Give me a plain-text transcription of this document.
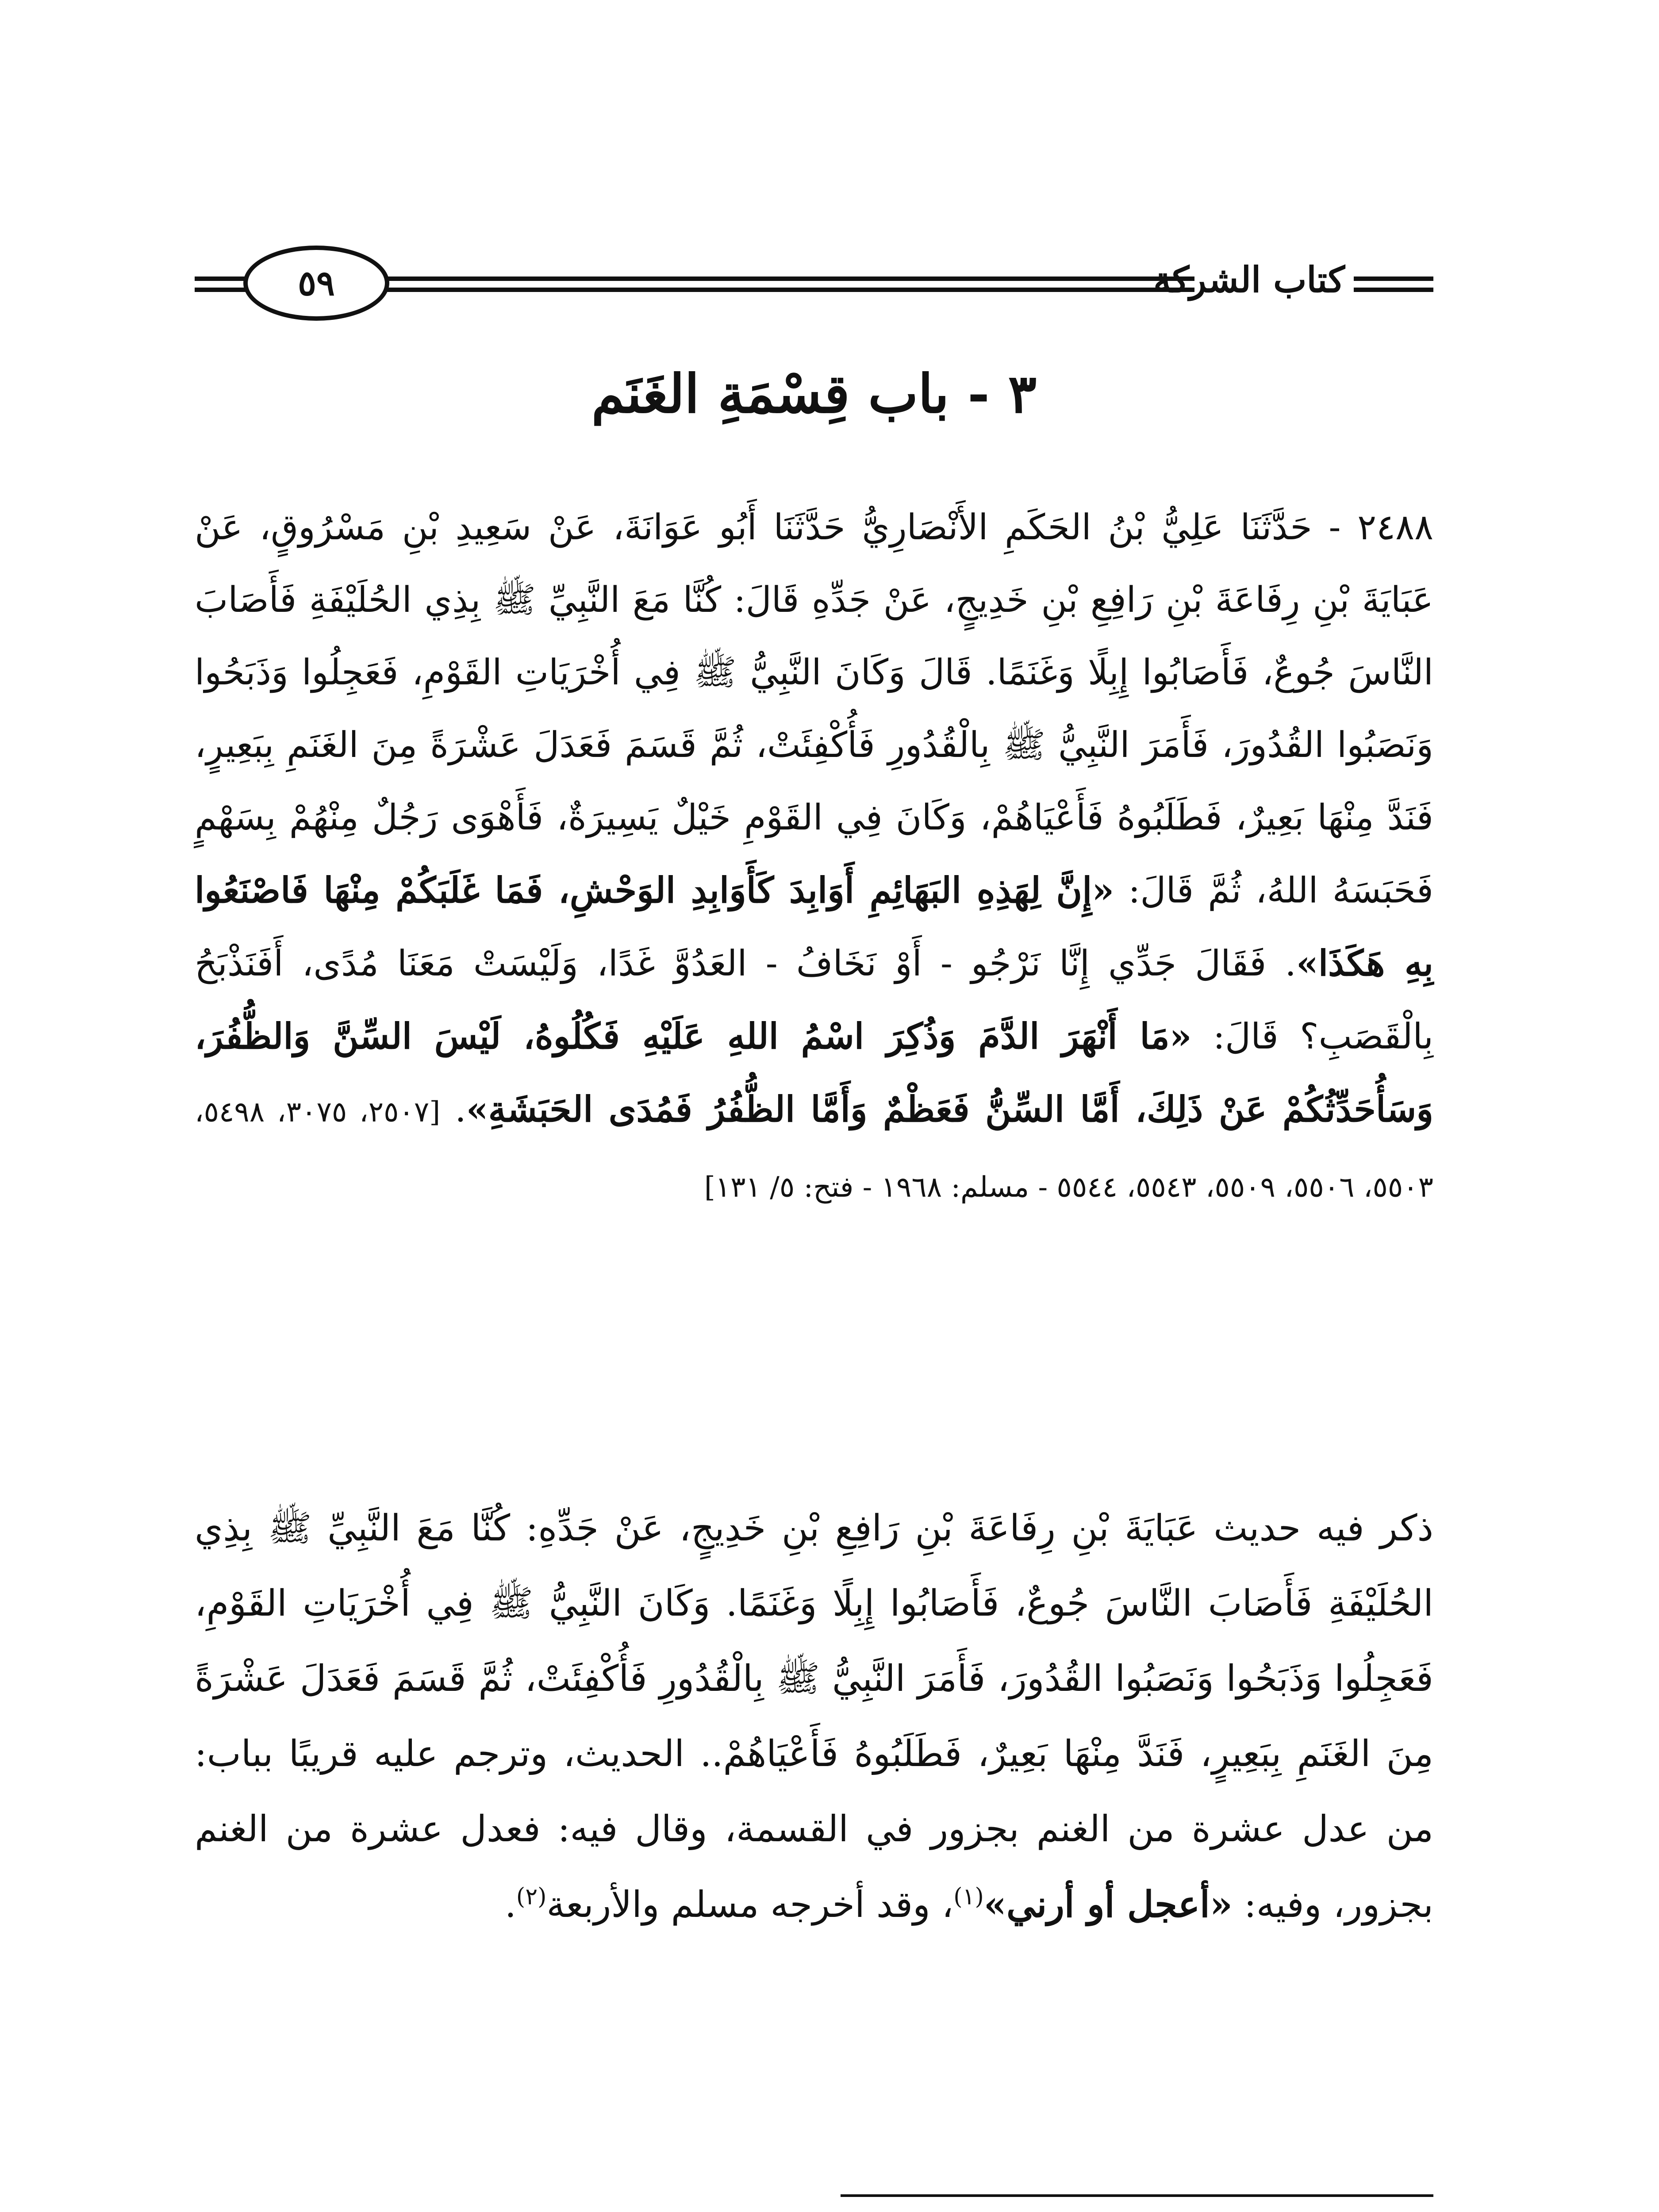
٥٩	كتاب الشركة
٣ - باب قِسْمَةِ الغَنَم
٢٤٨٨ - حَدَّثَنَا عَلِيُّ بْنُ الحَكَمِ الأَنْصَارِيُّ حَدَّثَنَا أَبُو عَوَانَةَ، عَنْ سَعِيدِ بْنِ مَسْرُوقٍ، عَنْ عَبَايَةَ بْنِ رِفَاعَةَ بْنِ رَافِعِ بْنِ خَدِيجٍ، عَنْ جَدِّهِ قَالَ: كُنَّا مَعَ النَّبِيِّ ﷺ بِذِي الحُلَيْفَةِ فَأَصَابَ النَّاسَ جُوعٌ، فَأَصَابُوا إِبِلًا وَغَنَمًا. قَالَ وَكَانَ النَّبِيُّ ﷺ فِي أُخْرَيَاتِ القَوْمِ، فَعَجِلُوا وَذَبَحُوا وَنَصَبُوا القُدُورَ، فَأَمَرَ النَّبِيُّ ﷺ بِالْقُدُورِ فَأُكْفِئَتْ، ثُمَّ قَسَمَ فَعَدَلَ عَشْرَةً مِنَ الغَنَمِ بِبَعِيرٍ، فَنَدَّ مِنْهَا بَعِيرٌ، فَطَلَبُوهُ فَأَعْيَاهُمْ، وَكَانَ فِي القَوْمِ خَيْلٌ يَسِيرَةٌ، فَأَهْوَى رَجُلٌ مِنْهُمْ بِسَهْمٍ فَحَبَسَهُ اللهُ، ثُمَّ قَالَ: «إِنَّ لِهَذِهِ البَهَائِمِ أَوَابِدَ كَأَوَابِدِ الوَحْشِ، فَمَا غَلَبَكُمْ مِنْهَا فَاصْنَعُوا بِهِ هَكَذَا». فَقَالَ جَدِّي إِنَّا نَرْجُو - أَوْ نَخَافُ - العَدُوَّ غَدًا، وَلَيْسَتْ مَعَنَا مُدًى، أَفَنَذْبَحُ بِالْقَصَبِ؟ قَالَ: «مَا أَنْهَرَ الدَّمَ وَذُكِرَ اسْمُ اللهِ عَلَيْهِ فَكُلُوهُ، لَيْسَ السِّنَّ وَالظُّفُرَ، وَسَأُحَدِّثُكُمْ عَنْ ذَلِكَ، أَمَّا السِّنُّ فَعَظْمٌ وَأَمَّا الظُّفُرُ فَمُدَى الحَبَشَةِ». [٢٥٠٧، ٣٠٧٥، ٥٤٩٨، ٥٥٠٣، ٥٥٠٦، ٥٥٠٩، ٥٥٤٣، ٥٥٤٤ - مسلم: ١٩٦٨ - فتح: ٥/ ١٣١]
ذكر فيه حديث عَبَايَةَ بْنِ رِفَاعَةَ بْنِ رَافِعِ بْنِ خَدِيجٍ، عَنْ جَدِّهِ: كُنَّا مَعَ النَّبِيِّ ﷺ بِذِي الحُلَيْفَةِ فَأَصَابَ النَّاسَ جُوعٌ، فَأَصَابُوا إِبِلًا وَغَنَمًا. وَكَانَ النَّبِيُّ ﷺ فِي أُخْرَيَاتِ القَوْمِ، فَعَجِلُوا وَذَبَحُوا وَنَصَبُوا القُدُورَ، فَأَمَرَ النَّبِيُّ ﷺ بِالْقُدُورِ فَأُكْفِئَتْ، ثُمَّ قَسَمَ فَعَدَلَ عَشْرَةً مِنَ الغَنَمِ بِبَعِيرٍ، فَنَدَّ مِنْهَا بَعِيرٌ، فَطَلَبُوهُ فَأَعْيَاهُمْ.. الحديث، وترجم عليه قريبًا بباب: من عدل عشرة من الغنم بجزور في القسمة، وقال فيه: فعدل عشرة من الغنم بجزور، وفيه: «أعجل أو أرني»$^{(١)}$، وقد أخرجه مسلم والأربعة$^{(٢)}$.
